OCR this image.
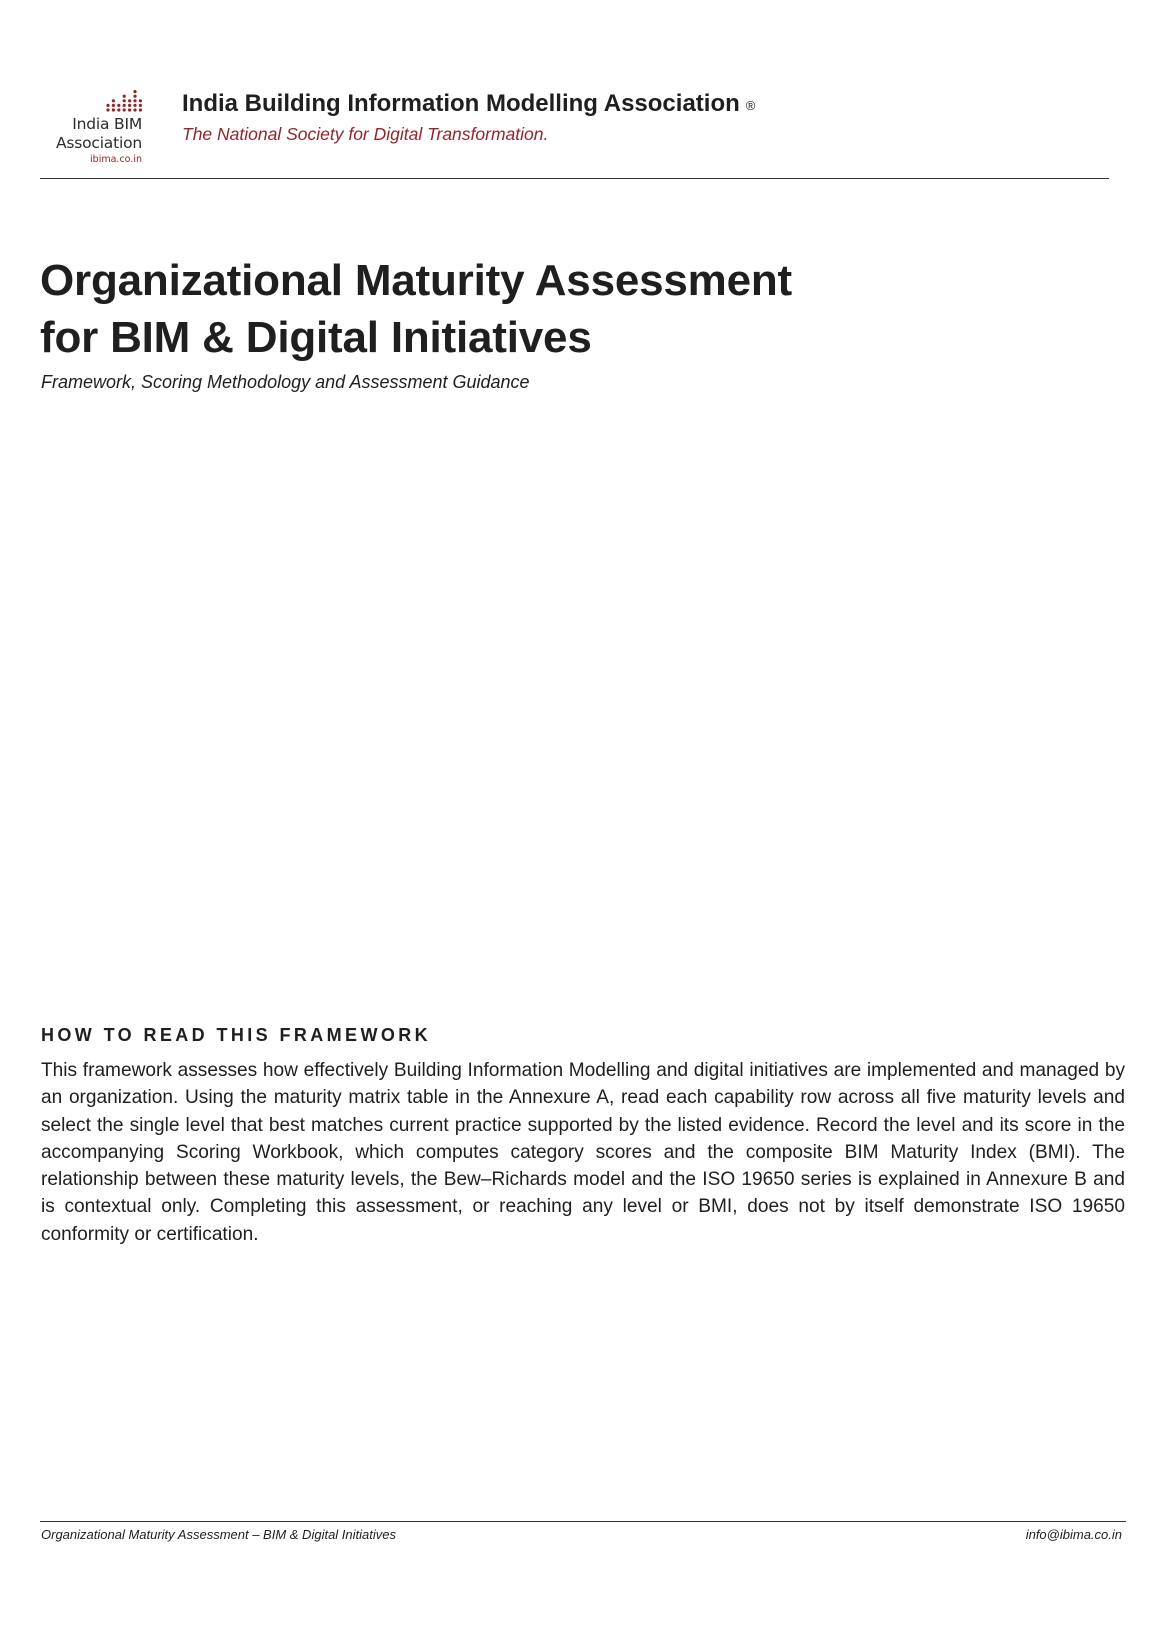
India BIM
Association
ibima.co.in
India Building Information Modelling Association ®
The National Society for Digital Transformation.
Organizational Maturity Assessment
for BIM & Digital Initiatives
Framework, Scoring Methodology and Assessment Guidance
HOW TO READ THIS FRAMEWORK

This framework assesses how effectively Building Information Modelling and digital initiatives are implemented and managed by an organization. Using the maturity matrix table in the Annexure A, read each capability row across all five maturity levels and select the single level that best matches current practice supported by the listed evidence. Record the level and its score in the accompanying Scoring Workbook, which computes category scores and the composite BIM Maturity Index (BMI). The relationship between these maturity levels, the Bew–Richards model and the ISO 19650 series is explained in Annexure B and is contextual only. Completing this assessment, or reaching any level or BMI, does not by itself demonstrate ISO 19650 conformity or certification.

Organizational Maturity Assessment – BIM & Digital Initiatives	info@ibima.co.in
